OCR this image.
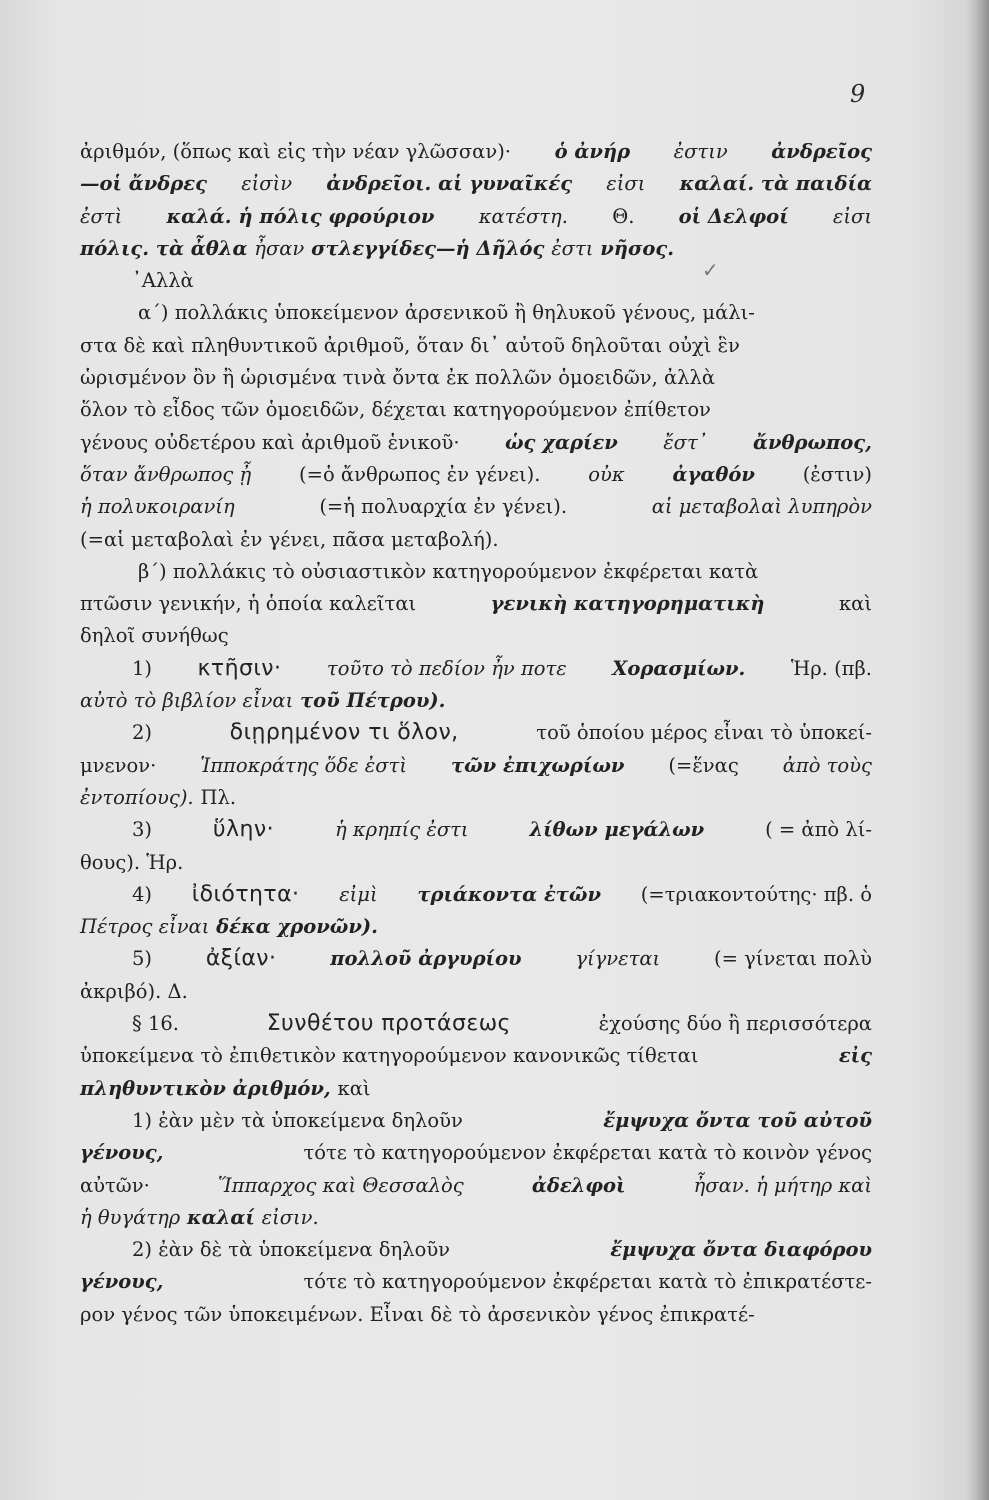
9
✓
ἀριθμόν, (ὅπως καὶ εἰς τὴν νέαν γλῶσσαν)· ὁ ἀνήρ ἐστιν ἀνδρεῖος
—οἱ ἄνδρες εἰσὶν ἀνδρεῖοι. αἱ γυναῖκές εἰσι καλαί. τὰ παιδία
ἐστὶ καλά. ἡ πόλις φρούριον κατέστη. Θ. οἱ Δελφοί εἰσι
πόλις. τὰ ἆθλα ἦσαν στλεγγίδες—ἡ Δῆλός ἐστι νῆσος.
᾿Αλλὰ
α΄) πολλάκις ὑποκείμενον ἀρσενικοῦ ἢ θηλυκοῦ γένους, μάλι-
στα δὲ καὶ πληθυντικοῦ ἀριθμοῦ, ὅταν δι᾿ αὐτοῦ δηλοῦται οὐχὶ ἓν
ὡρισμένον ὂν ἢ ὡρισμένα τινὰ ὄντα ἐκ πολλῶν ὁμοειδῶν, ἀλλὰ
ὅλον τὸ εἶδος τῶν ὁμοειδῶν, δέχεται κατηγορούμενον ἐπίθετον
γένους οὐδετέρου καὶ ἀριθμοῦ ἑνικοῦ· ὡς χαρίεν ἔστ᾿ ἄνθρωπος,
ὅταν ἄνθρωπος ᾖ (=ὁ ἄνθρωπος ἐν γένει). οὐκ ἀγαθόν (ἐστιν)
ἡ πολυκοιρανίη	(=ἡ πολυαρχία ἐν γένει).	αἱ μεταβολαὶ λυπηρὸν
(=αἱ μεταβολαὶ ἐν γένει, πᾶσα μεταβολή).
β΄) πολλάκις τὸ οὐσιαστικὸν κατηγορούμενον ἐκφέρεται κατὰ
πτῶσιν γενικήν, ἡ ὁποία καλεῖται	γενικὴ κατηγορηματικὴ	καὶ
δηλοῖ συνήθως
1) κτῆσιν· τοῦτο τὸ πεδίον ἦν ποτε Χορασμίων. Ἡρ. (πβ.
αὐτὸ τὸ βιβλίον εἶναι τοῦ Πέτρου).
2)	διῃρημένον τι ὅλον,	τοῦ ὁποίου μέρος εἶναι τὸ ὑποκεί-
μνενον· Ἱπποκράτης ὅδε ἐστὶ τῶν ἐπιχωρίων (=ἕνας ἀπὸ τοὺς
ἐντοπίους). Πλ.
3)	ὕλην·	ἡ κρηπίς ἐστι	λίθων μεγάλων	( = ἀπὸ λί-
θους). Ἡρ.
4) ἰδιότητα· εἰμὶ τριάκοντα ἐτῶν (=τριακοντούτης· πβ. ὁ
Πέτρος εἶναι δέκα χρονῶν).
5) ἀξίαν·	πολλοῦ ἀργυρίου	γίγνεται	(= γίνεται πολὺ
ἀκριβό). Δ.
§ 16.	Συνθέτου προτάσεως	ἐχούσης δύο ἢ περισσότερα
ὑποκείμενα τὸ ἐπιθετικὸν κατηγορούμενον κανονικῶς τίθεται	εἰς
πληθυντικὸν ἀριθμόν, καὶ
1) ἐὰν μὲν τὰ ὑποκείμενα δηλοῦν	ἔμψυχα ὄντα τοῦ αὐτοῦ
γένους,	τότε τὸ κατηγορούμενον ἐκφέρεται κατὰ τὸ κοινὸν γένος
αὐτῶν·	Ἵππαρχος καὶ Θεσσαλὸς	ἀδελφοὶ	ἦσαν. ἡ μήτηρ καὶ
ἡ θυγάτηρ καλαί εἰσιν.
2) ἐὰν δὲ τὰ ὑποκείμενα δηλοῦν	ἔμψυχα ὄντα διαφόρου
γένους,	τότε τὸ κατηγορούμενον ἐκφέρεται κατὰ τὸ ἐπικρατέστε-
ρον γένος τῶν ὑποκειμένων. Εἶναι δὲ τὸ ἀρσενικὸν γένος ἐπικρατέ-
